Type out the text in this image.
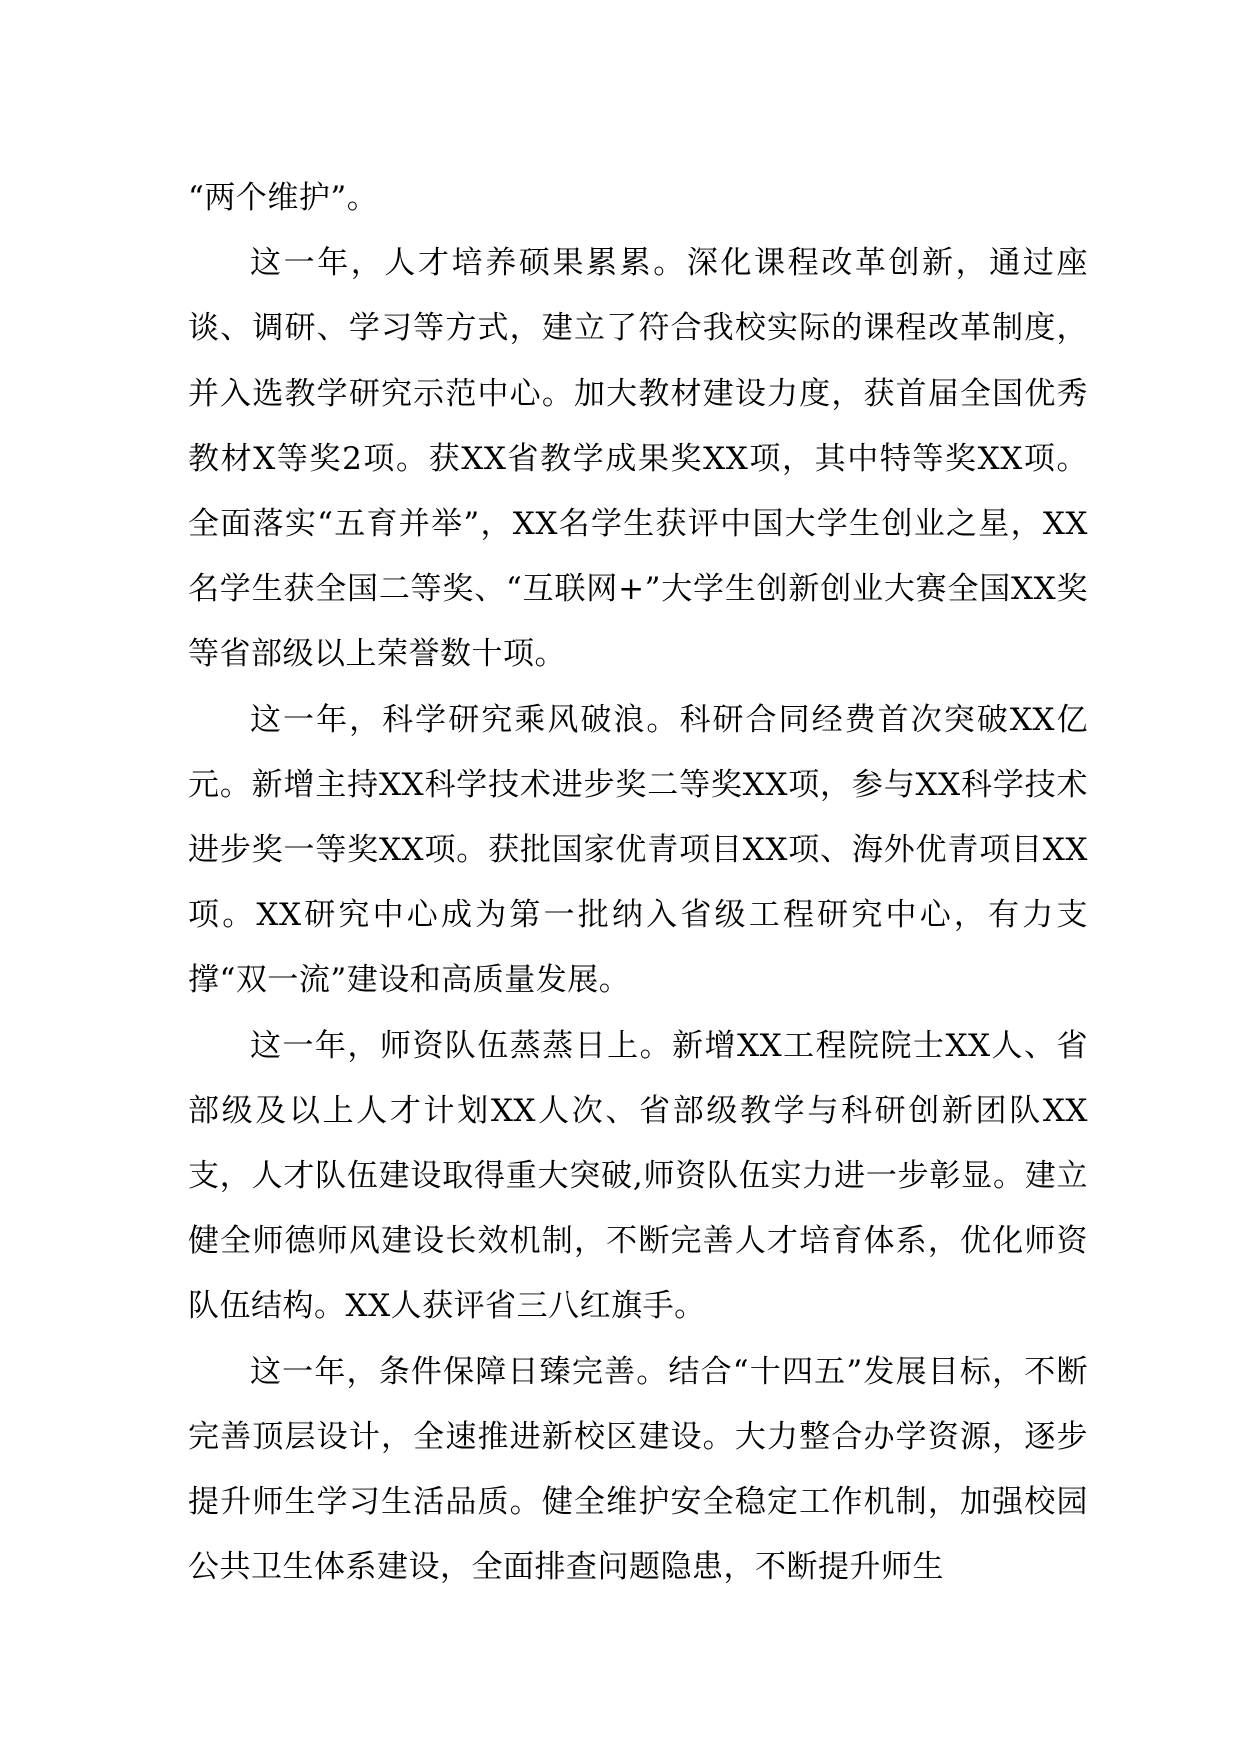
“两个维护”。

这一年，人才培养硕果累累。深化课程改革创新，通过座谈、调研、学习等方式，建立了符合我校实际的课程改革制度，并入选教学研究示范中心。加大教材建设力度，获首届全国优秀教材X等奖2项。获XX省教学成果奖XX项，其中特等奖XX项。全面落实“五育并举”，XX名学生获评中国大学生创业之星，XX名学生获全国二等奖、“互联网+”大学生创新创业大赛全国XX奖等省部级以上荣誉数十项。

这一年，科学研究乘风破浪。科研合同经费首次突破XX亿元。新增主持XX科学技术进步奖二等奖XX项，参与XX科学技术进步奖一等奖XX项。获批国家优青项目XX项、海外优青项目XX项。XX研究中心成为第一批纳入省级工程研究中心，有力支撑“双一流”建设和高质量发展。

这一年，师资队伍蒸蒸日上。新增XX工程院院士XX人、省部级及以上人才计划XX人次、省部级教学与科研创新团队XX支，人才队伍建设取得重大突破,师资队伍实力进一步彰显。建立健全师德师风建设长效机制，不断完善人才培育体系，优化师资队伍结构。XX人获评省三八红旗手。

这一年，条件保障日臻完善。结合“十四五”发展目标，不断完善顶层设计，全速推进新校区建设。大力整合办学资源，逐步提升师生学习生活品质。健全维护安全稳定工作机制，加强校园公共卫生体系建设，全面排查问题隐患，不断提升师生
